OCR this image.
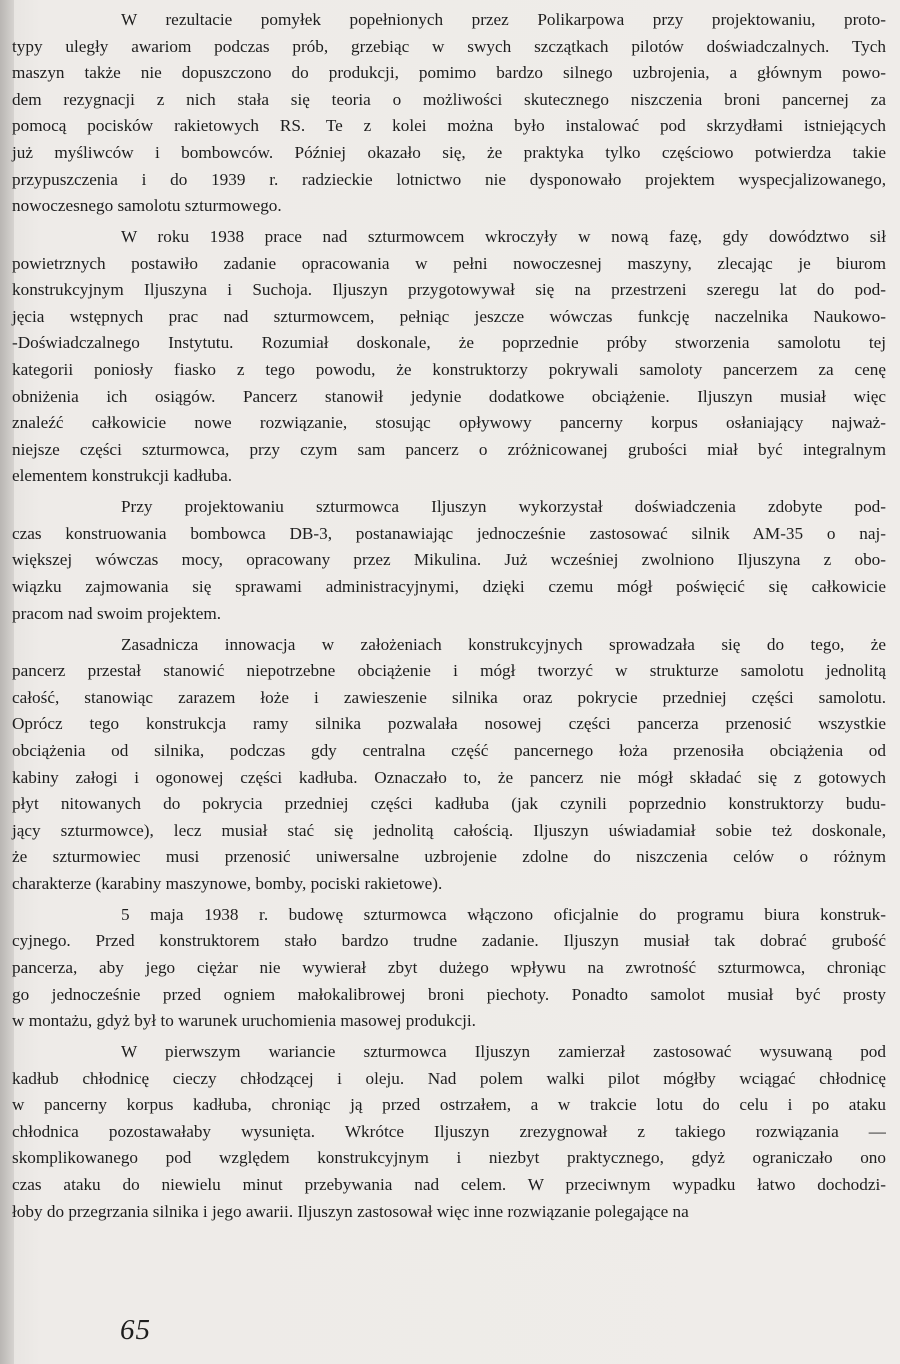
W rezultacie pomyłek popełnionych przez Polikarpowa przy projektowaniu, proto-
typy uległy awariom podczas prób, grzebiąc w swych szczątkach pilotów doświadczalnych. Tych
maszyn także nie dopuszczono do produkcji, pomimo bardzo silnego uzbrojenia, a głównym powo-
dem rezygnacji z nich stała się teoria o możliwości skutecznego niszczenia broni pancernej za
pomocą pocisków rakietowych RS. Te z kolei można było instalować pod skrzydłami istniejących
już myśliwców i bombowców. Później okazało się, że praktyka tylko częściowo potwierdza takie
przypuszczenia i do 1939 r. radzieckie lotnictwo nie dysponowało projektem wyspecjalizowanego,
nowoczesnego samolotu szturmowego.
W roku 1938 prace nad szturmowcem wkroczyły w nową fazę, gdy dowództwo sił
powietrznych postawiło zadanie opracowania w pełni nowoczesnej maszyny, zlecając je biurom
konstrukcyjnym Iljuszyna i Suchoja. Iljuszyn przygotowywał się na przestrzeni szeregu lat do pod-
jęcia wstępnych prac nad szturmowcem, pełniąc jeszcze wówczas funkcję naczelnika Naukowo-
-Doświadczalnego Instytutu. Rozumiał doskonale, że poprzednie próby stworzenia samolotu tej
kategorii poniosły fiasko z tego powodu, że konstruktorzy pokrywali samoloty pancerzem za cenę
obniżenia ich osiągów. Pancerz stanowił jedynie dodatkowe obciążenie. Iljuszyn musiał więc
znaleźć całkowicie nowe rozwiązanie, stosując opływowy pancerny korpus osłaniający najważ-
niejsze części szturmowca, przy czym sam pancerz o zróżnicowanej grubości miał być integralnym
elementem konstrukcji kadłuba.
Przy projektowaniu szturmowca Iljuszyn wykorzystał doświadczenia zdobyte pod-
czas konstruowania bombowca DB-3, postanawiając jednocześnie zastosować silnik AM-35 o naj-
większej wówczas mocy, opracowany przez Mikulina. Już wcześniej zwolniono Iljuszyna z obo-
wiązku zajmowania się sprawami administracyjnymi, dzięki czemu mógł poświęcić się całkowicie
pracom nad swoim projektem.
Zasadnicza innowacja w założeniach konstrukcyjnych sprowadzała się do tego, że
pancerz przestał stanowić niepotrzebne obciążenie i mógł tworzyć w strukturze samolotu jednolitą
całość, stanowiąc zarazem łoże i zawieszenie silnika oraz pokrycie przedniej części samolotu.
Oprócz tego konstrukcja ramy silnika pozwalała nosowej części pancerza przenosić wszystkie
obciążenia od silnika, podczas gdy centralna część pancernego łoża przenosiła obciążenia od
kabiny załogi i ogonowej części kadłuba. Oznaczało to, że pancerz nie mógł składać się z gotowych
płyt nitowanych do pokrycia przedniej części kadłuba (jak czynili poprzednio konstruktorzy budu-
jący szturmowce), lecz musiał stać się jednolitą całością. Iljuszyn uświadamiał sobie też doskonale,
że szturmowiec musi przenosić uniwersalne uzbrojenie zdolne do niszczenia celów o różnym
charakterze (karabiny maszynowe, bomby, pociski rakietowe).
5 maja 1938 r. budowę szturmowca włączono oficjalnie do programu biura konstruk-
cyjnego. Przed konstruktorem stało bardzo trudne zadanie. Iljuszyn musiał tak dobrać grubość
pancerza, aby jego ciężar nie wywierał zbyt dużego wpływu na zwrotność szturmowca, chroniąc
go jednocześnie przed ogniem małokalibrowej broni piechoty. Ponadto samolot musiał być prosty
w montażu, gdyż był to warunek uruchomienia masowej produkcji.
W pierwszym wariancie szturmowca Iljuszyn zamierzał zastosować wysuwaną pod
kadłub chłodnicę cieczy chłodzącej i oleju. Nad polem walki pilot mógłby wciągać chłodnicę
w pancerny korpus kadłuba, chroniąc ją przed ostrzałem, a w trakcie lotu do celu i po ataku
chłodnica pozostawałaby wysunięta. Wkrótce Iljuszyn zrezygnował z takiego rozwiązania —
skomplikowanego pod względem konstrukcyjnym i niezbyt praktycznego, gdyż ograniczało ono
czas ataku do niewielu minut przebywania nad celem. W przeciwnym wypadku łatwo dochodzi-
łoby do przegrzania silnika i jego awarii. Iljuszyn zastosował więc inne rozwiązanie polegające na
65
